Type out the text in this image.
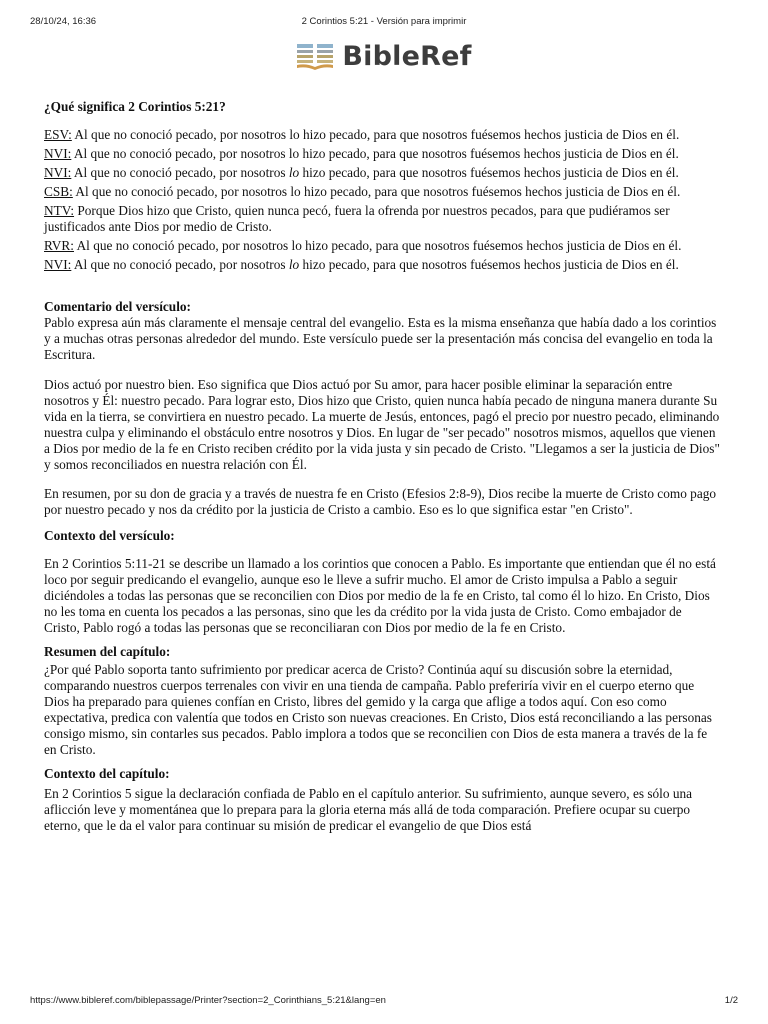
28/10/24, 16:36	2 Corintios 5:21 - Versión para imprimir
BibleRef

¿Qué significa 2 Corintios 5:21?

ESV: Al que no conoció pecado, por nosotros lo hizo pecado, para que nosotros fuésemos hechos justicia de Dios en él.

NVI: Al que no conoció pecado, por nosotros lo hizo pecado, para que nosotros fuésemos hechos justicia de Dios en él.

NVI: Al que no conoció pecado, por nosotros lo hizo pecado, para que nosotros fuésemos hechos justicia de Dios en él.

CSB: Al que no conoció pecado, por nosotros lo hizo pecado, para que nosotros fuésemos hechos justicia de Dios en él.

NTV: Porque Dios hizo que Cristo, quien nunca pecó, fuera la ofrenda por nuestros pecados, para que pudiéramos ser justificados ante Dios por medio de Cristo.

RVR: Al que no conoció pecado, por nosotros lo hizo pecado, para que nosotros fuésemos hechos justicia de Dios en él.

NVI: Al que no conoció pecado, por nosotros lo hizo pecado, para que nosotros fuésemos hechos justicia de Dios en él.

Comentario del versículo:

Pablo expresa aún más claramente el mensaje central del evangelio. Esta es la misma enseñanza que había dado a los corintios y a muchas otras personas alrededor del mundo. Este versículo puede ser la presentación más concisa del evangelio en toda la Escritura.

Dios actuó por nuestro bien. Eso significa que Dios actuó por Su amor, para hacer posible eliminar la separación entre nosotros y Él: nuestro pecado. Para lograr esto, Dios hizo que Cristo, quien nunca había pecado de ninguna manera durante Su vida en la tierra, se convirtiera en nuestro pecado. La muerte de Jesús, entonces, pagó el precio por nuestro pecado, eliminando nuestra culpa y eliminando el obstáculo entre nosotros y Dios. En lugar de "ser pecado" nosotros mismos, aquellos que vienen a Dios por medio de la fe en Cristo reciben crédito por la vida justa y sin pecado de Cristo. "Llegamos a ser la justicia de Dios" y somos reconciliados en nuestra relación con Él.

En resumen, por su don de gracia y a través de nuestra fe en Cristo (Efesios 2:8-9), Dios recibe la muerte de Cristo como pago por nuestro pecado y nos da crédito por la justicia de Cristo a cambio. Eso es lo que significa estar "en Cristo".

Contexto del versículo:

En 2 Corintios 5:11-21 se describe un llamado a los corintios que conocen a Pablo. Es importante que entiendan que él no está loco por seguir predicando el evangelio, aunque eso le lleve a sufrir mucho. El amor de Cristo impulsa a Pablo a seguir diciéndoles a todas las personas que se reconcilien con Dios por medio de la fe en Cristo, tal como él lo hizo. En Cristo, Dios no les toma en cuenta los pecados a las personas, sino que les da crédito por la vida justa de Cristo. Como embajador de Cristo, Pablo rogó a todas las personas que se reconciliaran con Dios por medio de la fe en Cristo.

Resumen del capítulo:

¿Por qué Pablo soporta tanto sufrimiento por predicar acerca de Cristo? Continúa aquí su discusión sobre la eternidad, comparando nuestros cuerpos terrenales con vivir en una tienda de campaña. Pablo preferiría vivir en el cuerpo eterno que Dios ha preparado para quienes confían en Cristo, libres del gemido y la carga que aflige a todos aquí. Con eso como expectativa, predica con valentía que todos en Cristo son nuevas creaciones. En Cristo, Dios está reconciliando a las personas consigo mismo, sin contarles sus pecados. Pablo implora a todos que se reconcilien con Dios de esta manera a través de la fe en Cristo.

Contexto del capítulo:

En 2 Corintios 5 sigue la declaración confiada de Pablo en el capítulo anterior. Su sufrimiento, aunque severo, es sólo una aflicción leve y momentánea que lo prepara para la gloria eterna más allá de toda comparación. Prefiere ocupar su cuerpo eterno, que le da el valor para continuar su misión de predicar el evangelio de que Dios está

https://www.bibleref.com/biblepassage/Printer?section=2_Corinthians_5:21&lang=en	1/2
